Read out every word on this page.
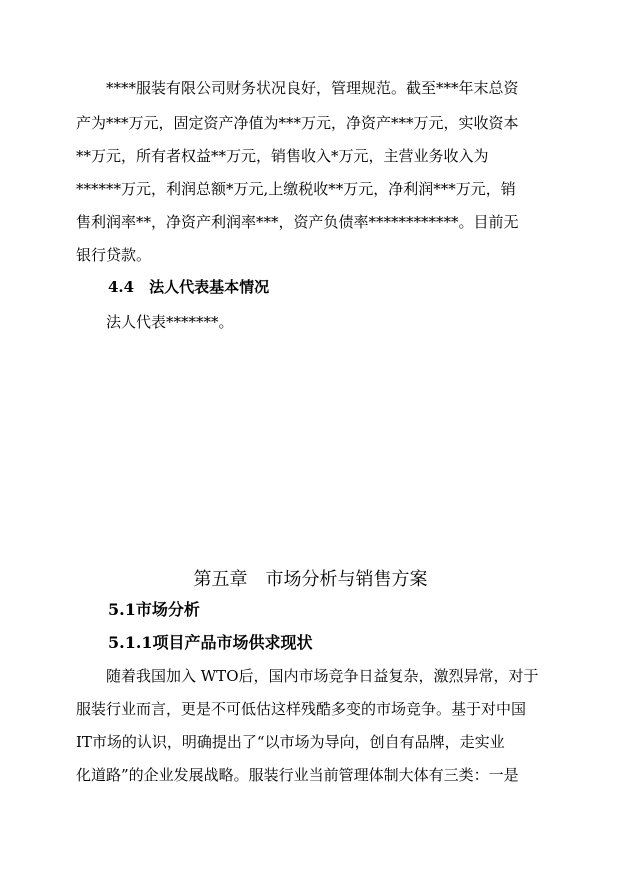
****服装有限公司财务状况良好，管理规范。截至***年末总资
产为***万元，固定资产净值为***万元，净资产***万元，实收资本
**万元，所有者权益**万元，销售收入*万元，主营业务收入为
******万元，利润总额*万元,上缴税收**万元，净利润***万元，销
售利润率**，净资产利润率***，资产负债率************。目前无
银行贷款。
4.4　法人代表基本情况
法人代表*******。
第五章　市场分析与销售方案
5.1市场分析
5.1.1项目产品市场供求现状
随着我国加入 WTO后，国内市场竞争日益复杂，激烈异常，对于
服装行业而言，更是不可低估这样残酷多变的市场竞争。基于对中国
IT市场的认识，明确提出了“以市场为导向，创自有品牌，走实业
化道路”的企业发展战略。服装行业当前管理体制大体有三类：一是
